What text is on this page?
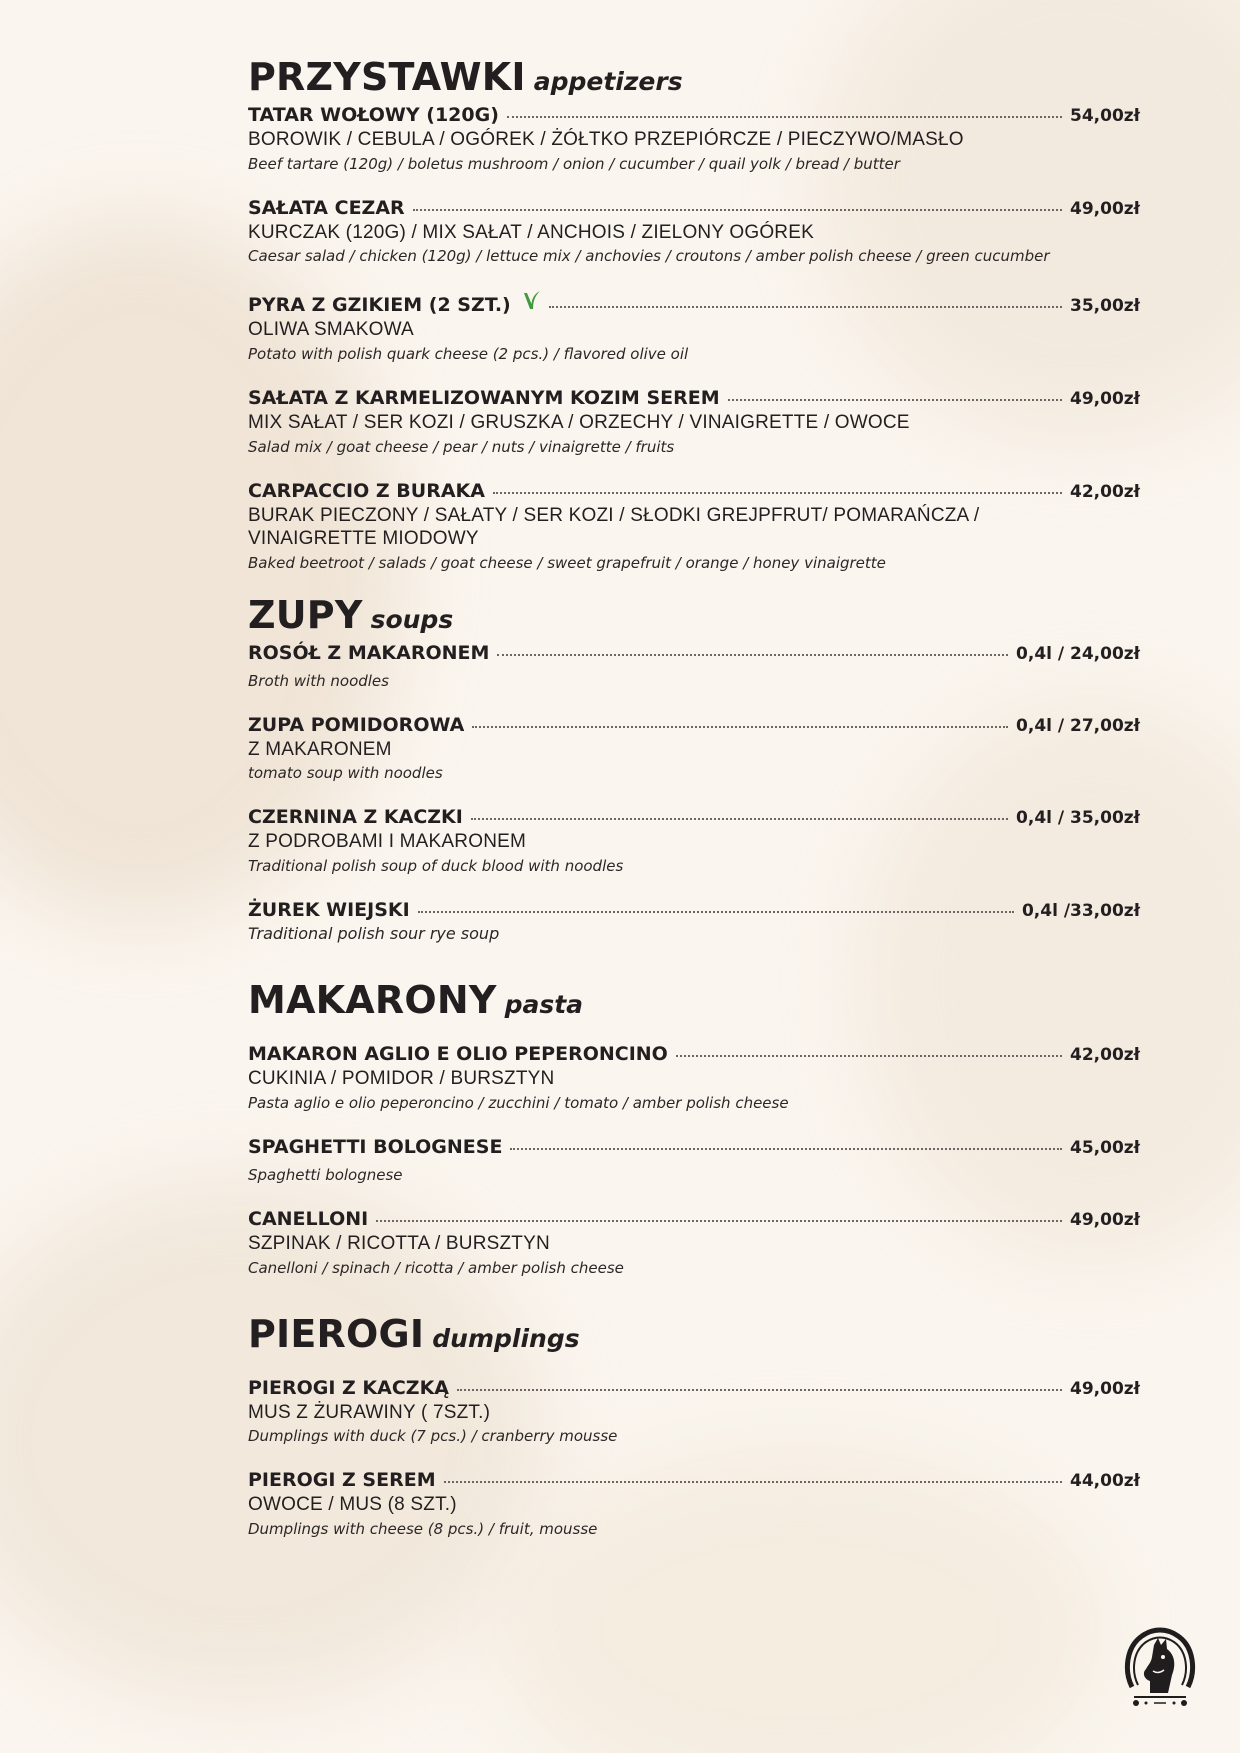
PRZYSTAWKI appetizers
TATAR WOŁOWY (120G)	54,00zł
BOROWIK / CEBULA / OGÓREK / ŻÓŁTKO PRZEPIÓRCZE / PIECZYWO/MASŁO
Beef tartare (120g) / boletus mushroom / onion / cucumber / quail yolk / bread / butter
SAŁATA CEZAR	49,00zł
KURCZAK (120G) / MIX SAŁAT / ANCHOIS / ZIELONY OGÓREK
Caesar salad / chicken (120g) / lettuce mix / anchovies / croutons / amber polish cheese / green cucumber
PYRA Z GZIKIEM (2 SZT.)	35,00zł
OLIWA SMAKOWA
Potato with polish quark cheese (2 pcs.) / flavored olive oil
SAŁATA Z KARMELIZOWANYM KOZIM SEREM	49,00zł
MIX SAŁAT / SER KOZI / GRUSZKA / ORZECHY / VINAIGRETTE / OWOCE
Salad mix / goat cheese / pear / nuts / vinaigrette / fruits
CARPACCIO Z BURAKA	42,00zł
BURAK PIECZONY / SAŁATY / SER KOZI / SŁODKI GREJPFRUT/ POMARAŃCZA /
VINAIGRETTE MIODOWY
Baked beetroot / salads / goat cheese / sweet grapefruit / orange / honey vinaigrette
ZUPY soups
ROSÓŁ Z MAKARONEM	0,4l / 24,00zł
Broth with noodles
ZUPA POMIDOROWA	0,4l / 27,00zł
Z MAKARONEM
tomato soup with noodles
CZERNINA Z KACZKI	0,4l / 35,00zł
Z PODROBAMI I MAKARONEM
Traditional polish soup of duck blood with noodles
ŻUREK WIEJSKI	0,4l /33,00zł
Traditional polish sour rye soup
MAKARONY pasta
MAKARON AGLIO E OLIO PEPERONCINO	42,00zł
CUKINIA / POMIDOR / BURSZTYN
Pasta aglio e olio peperoncino / zucchini / tomato / amber polish cheese
SPAGHETTI BOLOGNESE	45,00zł
Spaghetti bolognese
CANELLONI	49,00zł
SZPINAK / RICOTTA / BURSZTYN
Canelloni / spinach / ricotta / amber polish cheese
PIEROGI dumplings
PIEROGI Z KACZKĄ	49,00zł
MUS Z ŻURAWINY ( 7SZT.)
Dumplings with duck (7 pcs.) / cranberry mousse
PIEROGI Z SEREM	44,00zł
OWOCE / MUS (8 SZT.)
Dumplings with cheese (8 pcs.) / fruit, mousse
